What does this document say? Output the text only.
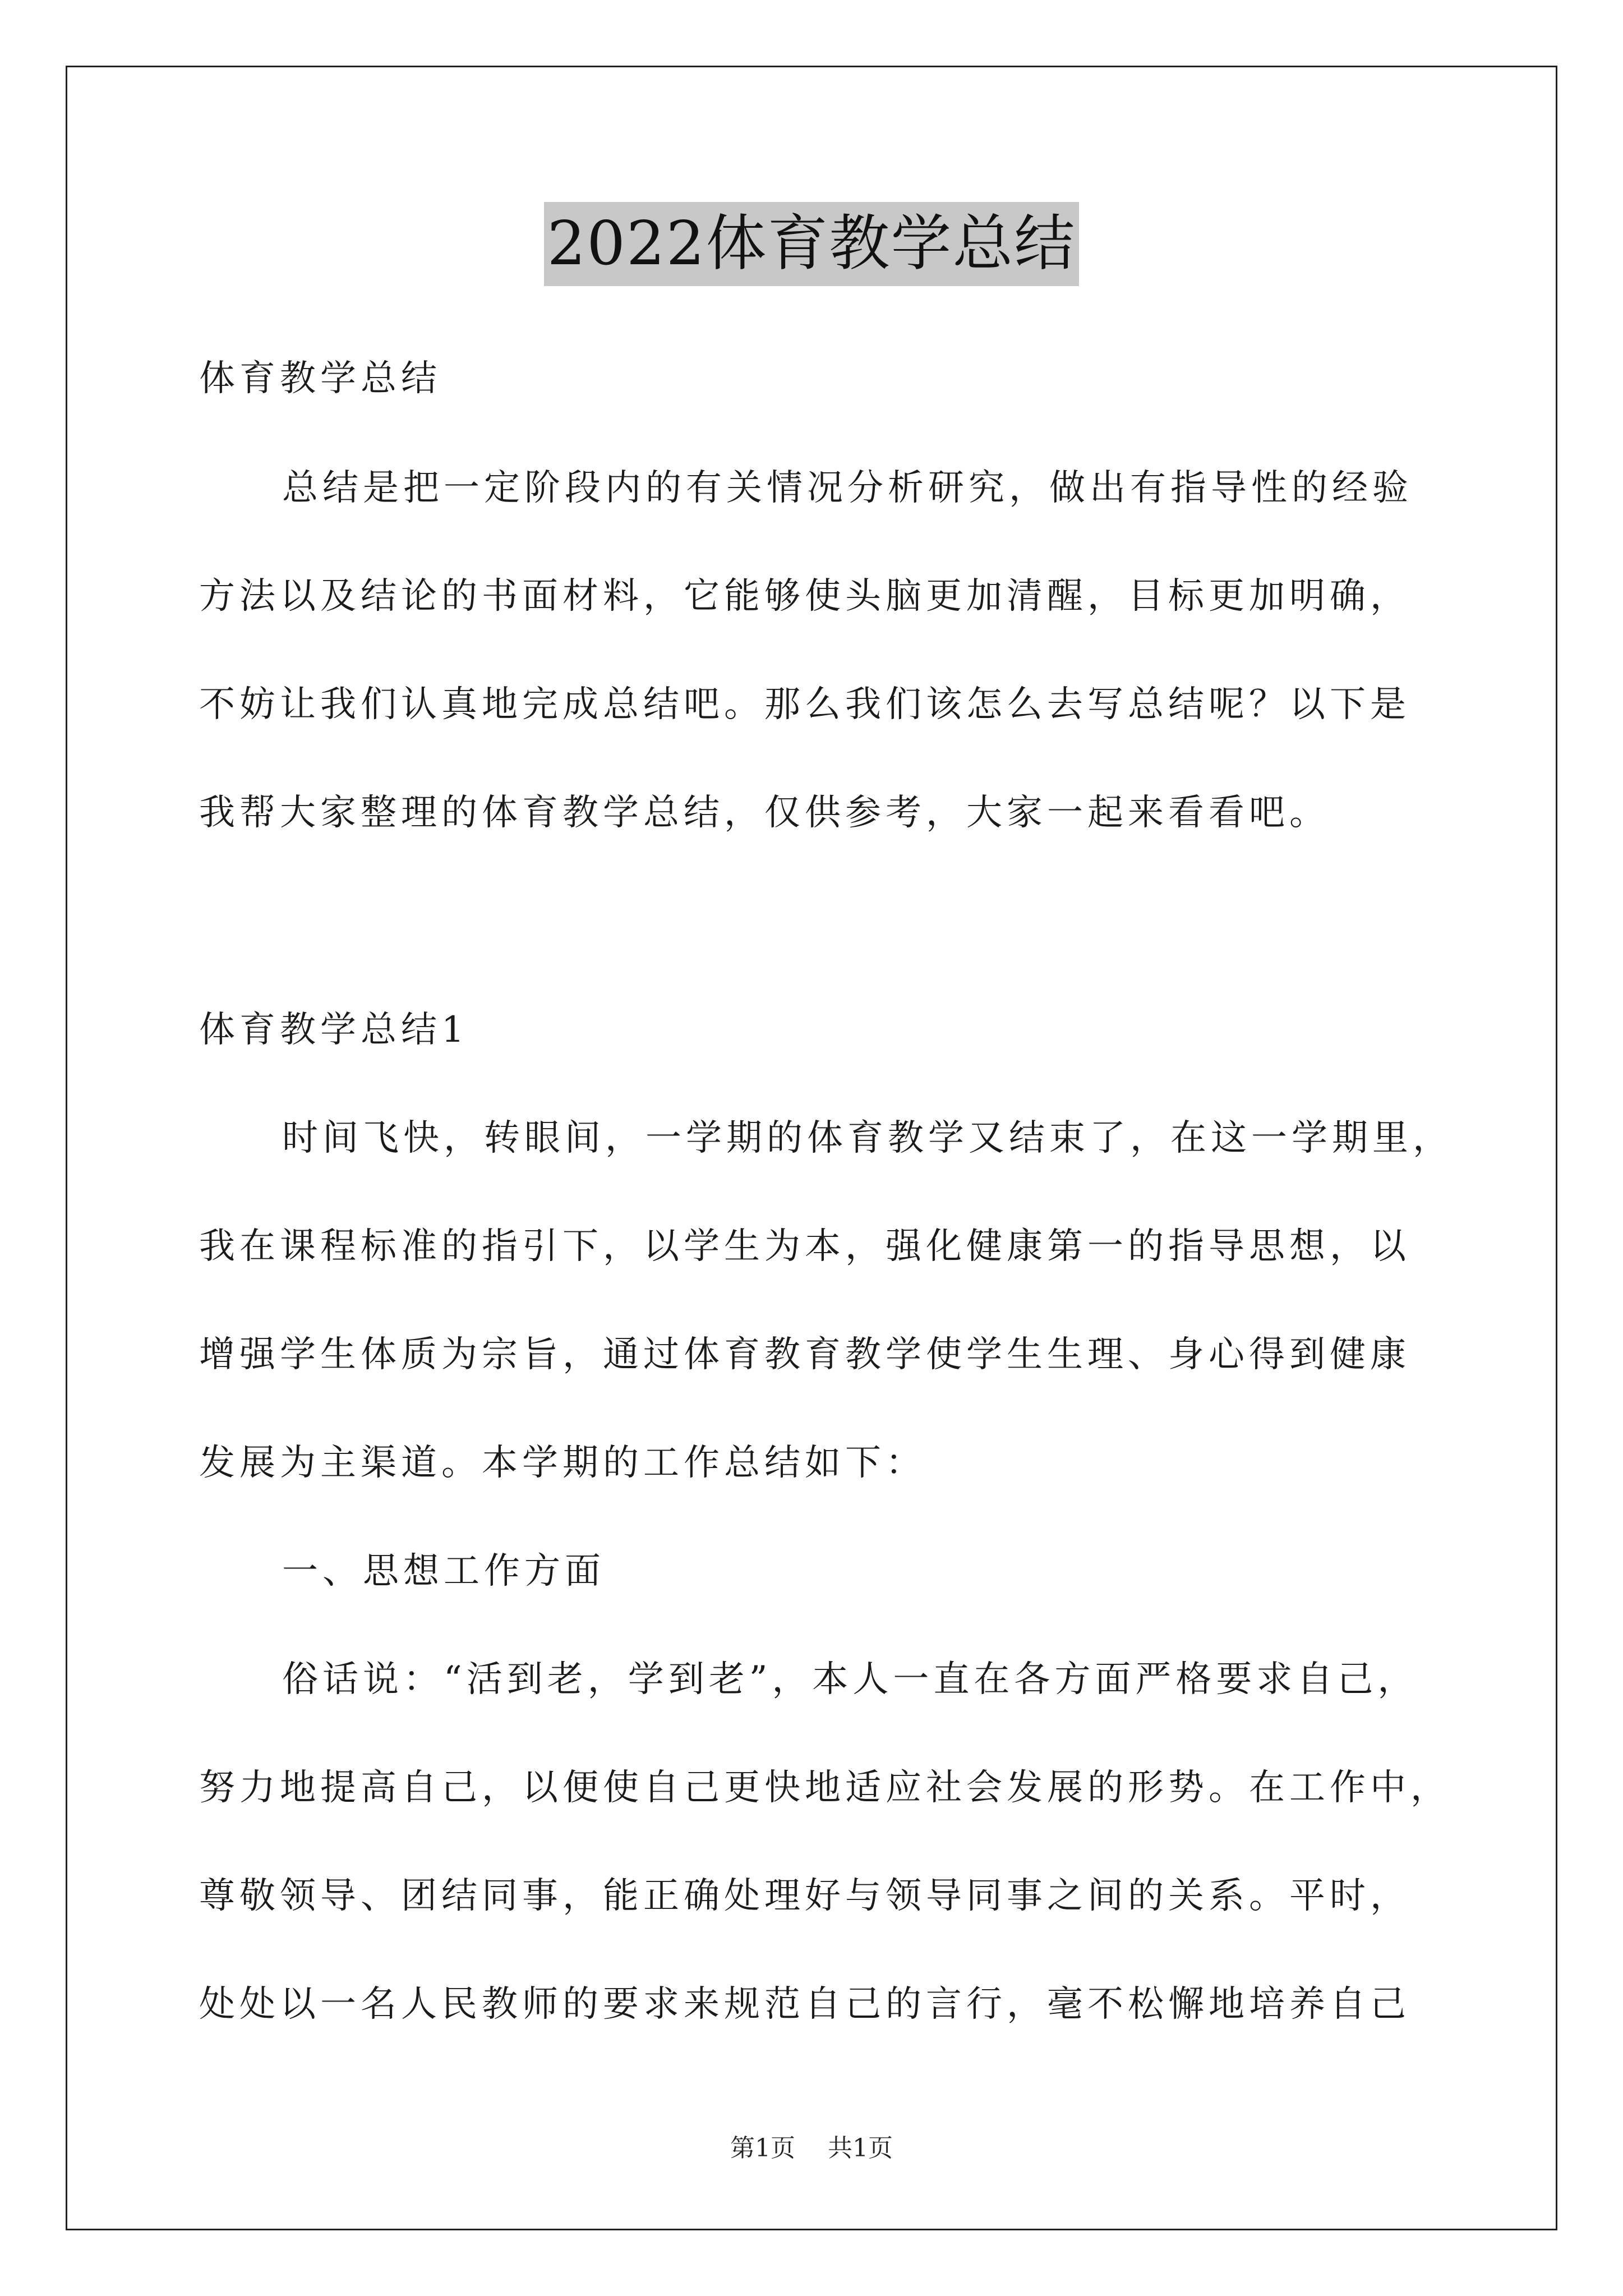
2022体育教学总结
体育教学总结
总结是把一定阶段内的有关情况分析研究，做出有指导性的经验
方法以及结论的书面材料，它能够使头脑更加清醒，目标更加明确，
不妨让我们认真地完成总结吧。那么我们该怎么去写总结呢？以下是
我帮大家整理的体育教学总结，仅供参考，大家一起来看看吧。
体育教学总结1
时间飞快，转眼间，一学期的体育教学又结束了，在这一学期里，
我在课程标准的指引下，以学生为本，强化健康第一的指导思想，以
增强学生体质为宗旨，通过体育教育教学使学生生理、身心得到健康
发展为主渠道。本学期的工作总结如下：
一、思想工作方面
俗话说：“活到老，学到老”，本人一直在各方面严格要求自己，
努力地提高自己，以便使自己更快地适应社会发展的形势。在工作中，
尊敬领导、团结同事，能正确处理好与领导同事之间的关系。平时，
处处以一名人民教师的要求来规范自己的言行，毫不松懈地培养自己
第1页 共1页
